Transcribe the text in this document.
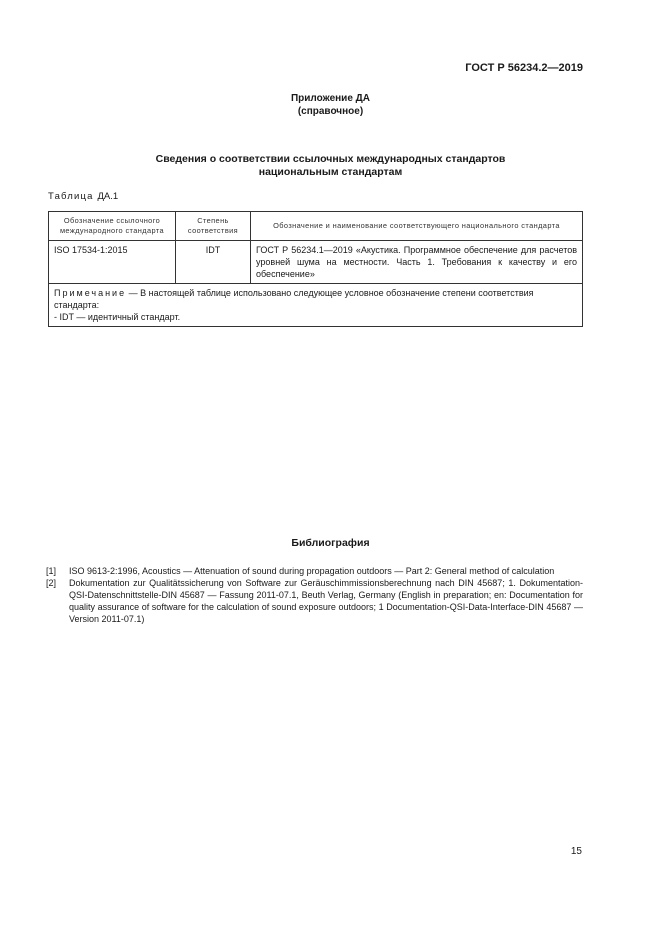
ГОСТ Р 56234.2—2019
Приложение ДА
(справочное)
Сведения о соответствии ссылочных международных стандартов
национальным стандартам
Таблица ДА.1
Обозначение ссылочного международного стандарта	Степень соответствия	Обозначение и наименование соответствующего национального стандарта
ISO 17534-1:2015	IDT	ГОСТ Р 56234.1—2019 «Акустика. Программное обеспечение для расчетов уровней шума на местности. Часть 1. Требования к качеству и его обеспечение»
Примечание — В настоящей таблице использовано следующее условное обозначение степени соответствия стандарта:
- IDT — идентичный стандарт.		
Библиография
[1]	ISO 9613-2:1996, Acoustics — Attenuation of sound during propagation outdoors — Part 2: General method of calculation
[2]	Dokumentation zur Qualitätssicherung von Software zur Geräuschimmissionsberechnung nach DIN 45687; 1. Dokumentation-QSI-Datenschnittstelle-DIN 45687 — Fassung 2011-07.1, Beuth Verlag, Germany (English in preparation; en: Documentation for quality assurance of software for the calculation of sound exposure outdoors; 1 Documentation-QSI-Data-Interface-DIN 45687 — Version 2011-07.1)
15
